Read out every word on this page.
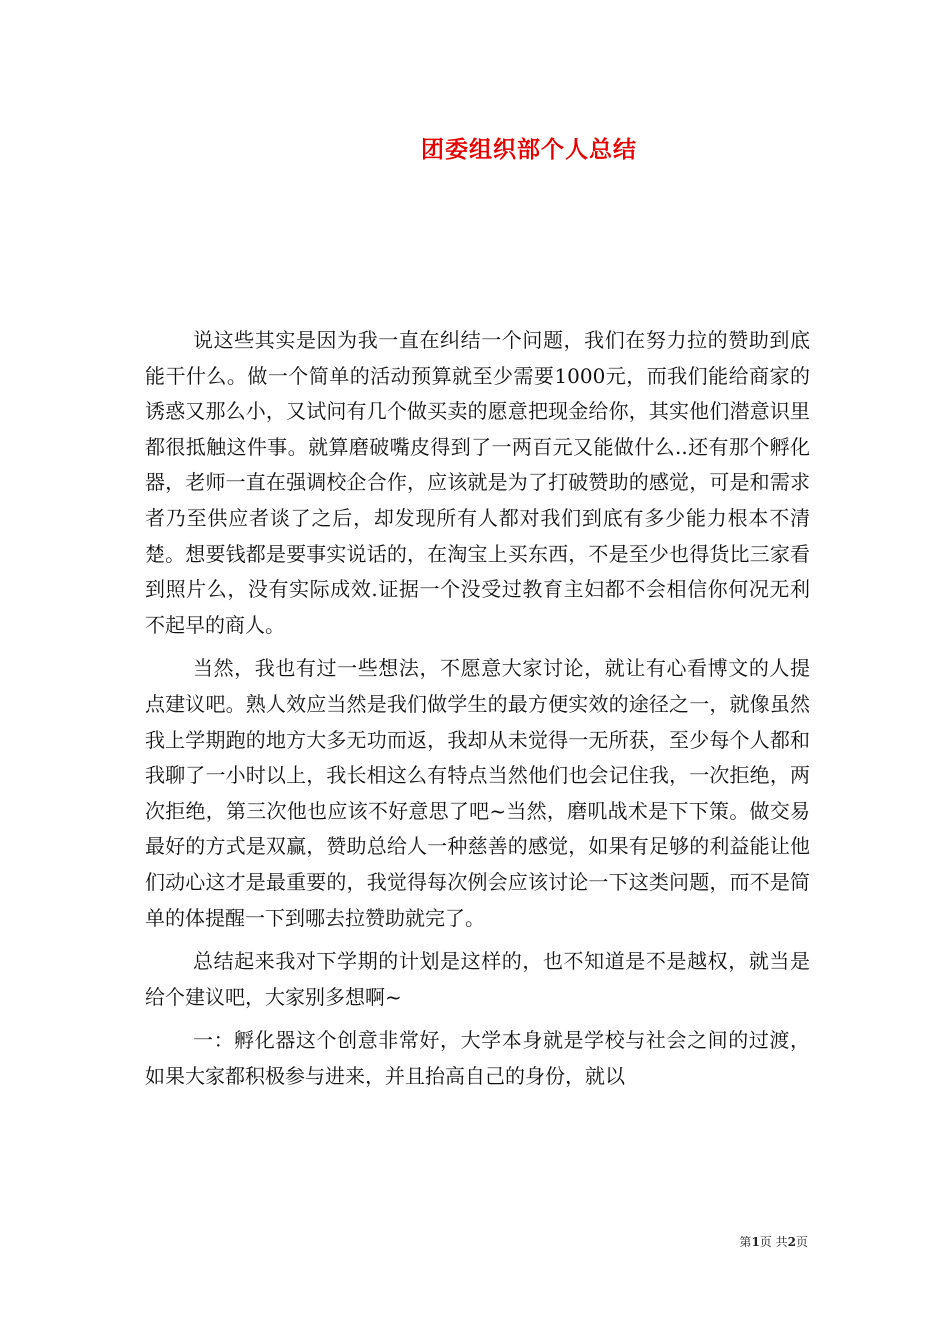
团委组织部个人总结

说这些其实是因为我一直在纠结一个问题，我们在努力拉的赞助到底能干什么。做一个简单的活动预算就至少需要1000元，而我们能给商家的诱惑又那么小，又试问有几个做买卖的愿意把现金给你，其实他们潜意识里都很抵触这件事。就算磨破嘴皮得到了一两百元又能做什么..还有那个孵化器，老师一直在强调校企合作，应该就是为了打破赞助的感觉，可是和需求者乃至供应者谈了之后，却发现所有人都对我们到底有多少能力根本不清楚。想要钱都是要事实说话的，在淘宝上买东西，不是至少也得货比三家看到照片么，没有实际成效.证据一个没受过教育主妇都不会相信你何况无利不起早的商人。

当然，我也有过一些想法，不愿意大家讨论，就让有心看博文的人提点建议吧。熟人效应当然是我们做学生的最方便实效的途径之一，就像虽然我上学期跑的地方大多无功而返，我却从未觉得一无所获，至少每个人都和我聊了一小时以上，我长相这么有特点当然他们也会记住我，一次拒绝，两次拒绝，第三次他也应该不好意思了吧~当然，磨叽战术是下下策。做交易最好的方式是双赢，赞助总给人一种慈善的感觉，如果有足够的利益能让他们动心这才是最重要的，我觉得每次例会应该讨论一下这类问题，而不是简单的体提醒一下到哪去拉赞助就完了。

总结起来我对下学期的计划是这样的，也不知道是不是越权，就当是给个建议吧，大家别多想啊~

一：孵化器这个创意非常好，大学本身就是学校与社会之间的过渡，如果大家都积极参与进来，并且抬高自己的身份，就以

第1页 共2页
